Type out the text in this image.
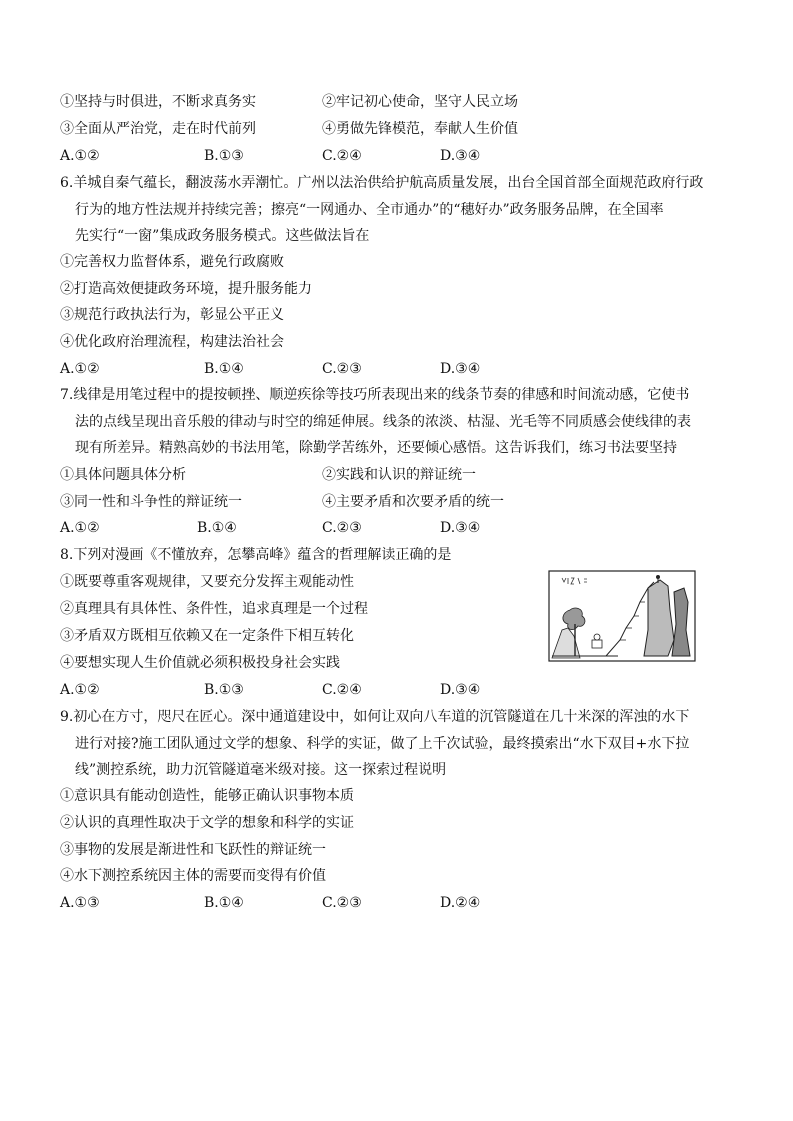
①坚持与时俱进，不断求真务实	②牢记初心使命，坚守人民立场
③全面从严治党，走在时代前列	④勇做先锋模范，奉献人生价值
A.①②	B.①③	C.②④	D.③④
6.羊城自秦气蕴长，翻波荡水弄潮忙。广州以法治供给护航高质量发展，出台全国首部全面规范政府行政
行为的地方性法规并持续完善；擦亮“一网通办、全市通办”的“穗好办”政务服务品牌，在全国率
先实行“一窗”集成政务服务模式。这些做法旨在
①完善权力监督体系，避免行政腐败
②打造高效便捷政务环境，提升服务能力
③规范行政执法行为，彰显公平正义
④优化政府治理流程，构建法治社会
A.①②	B.①④	C.②③	D.③④
7.线律是用笔过程中的提按顿挫、顺逆疾徐等技巧所表现出来的线条节奏的律感和时间流动感，它使书
法的点线呈现出音乐般的律动与时空的绵延伸展。线条的浓淡、枯湿、光毛等不同质感会使线律的表
现有所差异。精熟高妙的书法用笔，除勤学苦练外，还要倾心感悟。这告诉我们，练习书法要坚持
①具体问题具体分析	②实践和认识的辩证统一
③同一性和斗争性的辩证统一	④主要矛盾和次要矛盾的统一
A.①②	B.①④	C.②③	D.③④
8.下列对漫画《不懂放弃，怎攀高峰》蕴含的哲理解读正确的是
①既要尊重客观规律，又要充分发挥主观能动性
②真理具有具体性、条件性，追求真理是一个过程
③矛盾双方既相互依赖又在一定条件下相互转化
④要想实现人生价值就必须积极投身社会实践
A.①②	B.①③	C.②④	D.③④
9.初心在方寸，咫尺在匠心。深中通道建设中，如何让双向八车道的沉管隧道在几十米深的浑浊的水下
进行对接?施工团队通过文学的想象、科学的实证，做了上千次试验，最终摸索出“水下双目+水下拉
线”测控系统，助力沉管隧道毫米级对接。这一探索过程说明
①意识具有能动创造性，能够正确认识事物本质
②认识的真理性取决于文学的想象和科学的实证
③事物的发展是渐进性和飞跃性的辩证统一
④水下测控系统因主体的需要而变得有价值
A.①③	B.①④	C.②③	D.②④
